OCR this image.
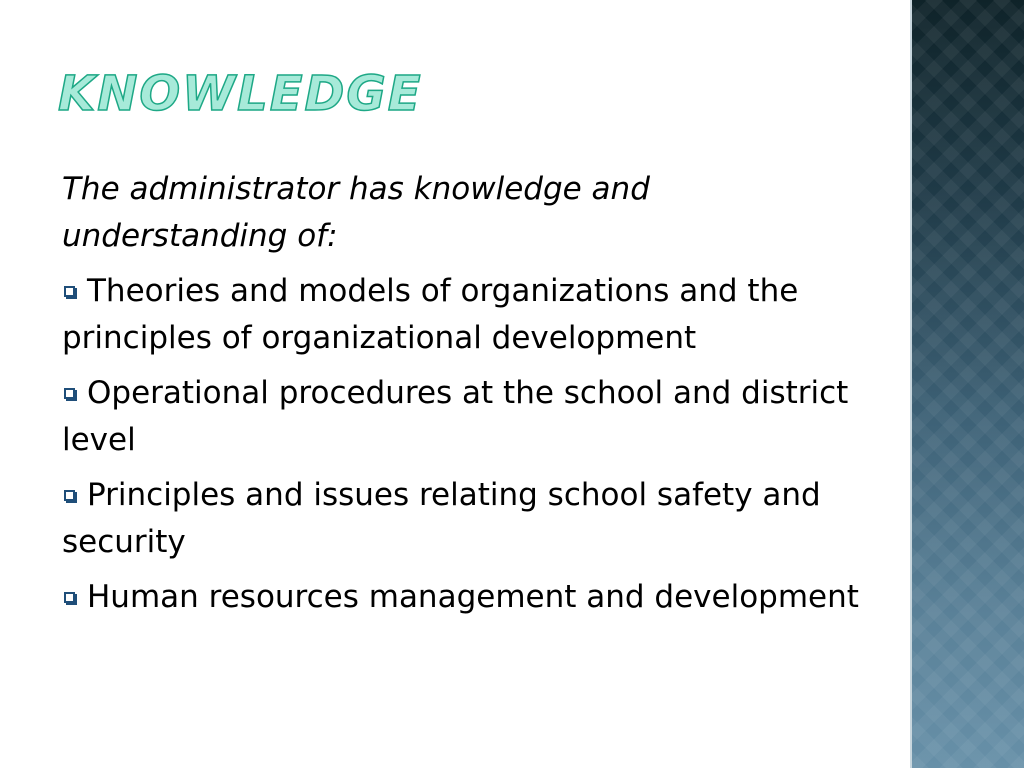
KNOWLEDGE

The administrator has knowledge and understanding of:

Theories and models of organizations and the principles of organizational development
Operational procedures at the school and district level
Principles and issues relating school safety and security
Human resources management and development
